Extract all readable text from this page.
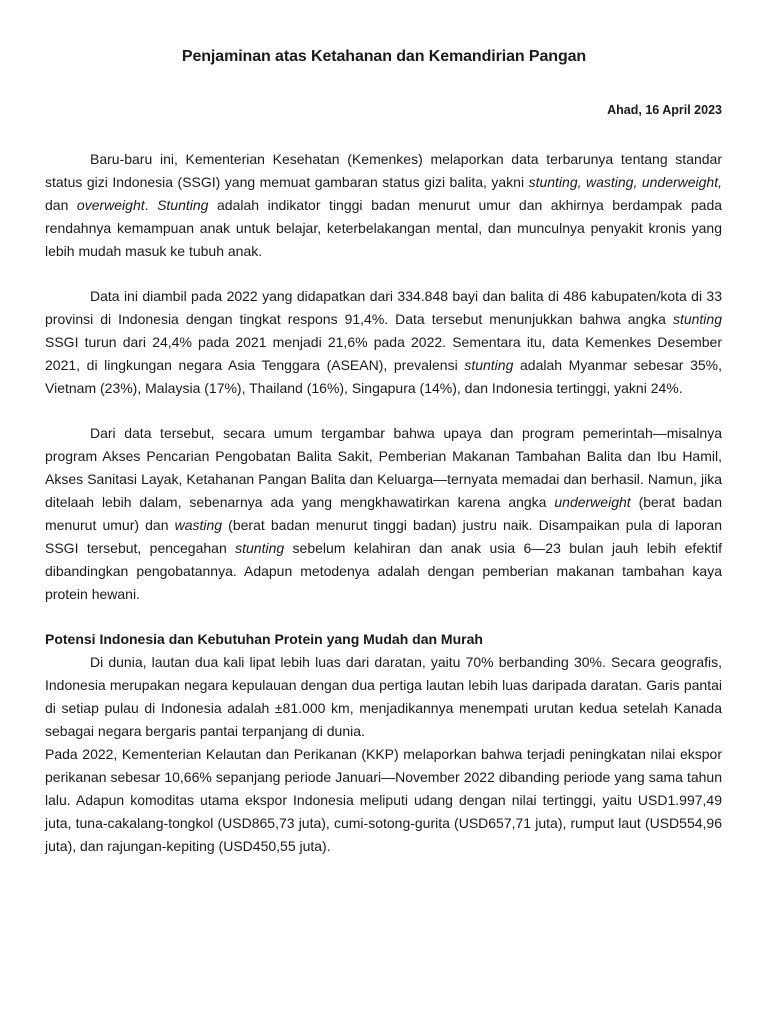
Penjaminan atas Ketahanan dan Kemandirian Pangan
Ahad, 16 April 2023

Baru-baru ini, Kementerian Kesehatan (Kemenkes) melaporkan data terbarunya tentang standar status gizi Indonesia (SSGI) yang memuat gambaran status gizi balita, yakni stunting, wasting, underweight, dan overweight. Stunting adalah indikator tinggi badan menurut umur dan akhirnya berdampak pada rendahnya kemampuan anak untuk belajar, keterbelakangan mental, dan munculnya penyakit kronis yang lebih mudah masuk ke tubuh anak.

Data ini diambil pada 2022 yang didapatkan dari 334.848 bayi dan balita di 486 kabupaten/kota di 33 provinsi di Indonesia dengan tingkat respons 91,4%. Data tersebut menunjukkan bahwa angka stunting SSGI turun dari 24,4% pada 2021 menjadi 21,6% pada 2022. Sementara itu, data Kemenkes Desember 2021, di lingkungan negara Asia Tenggara (ASEAN), prevalensi stunting adalah Myanmar sebesar 35%, Vietnam (23%), Malaysia (17%), Thailand (16%), Singapura (14%), dan Indonesia tertinggi, yakni 24%.

Dari data tersebut, secara umum tergambar bahwa upaya dan program pemerintah—misalnya program Akses Pencarian Pengobatan Balita Sakit, Pemberian Makanan Tambahan Balita dan Ibu Hamil, Akses Sanitasi Layak, Ketahanan Pangan Balita dan Keluarga—ternyata memadai dan berhasil. Namun, jika ditelaah lebih dalam, sebenarnya ada yang mengkhawatirkan karena angka underweight (berat badan menurut umur) dan wasting (berat badan menurut tinggi badan) justru naik. Disampaikan pula di laporan SSGI tersebut, pencegahan stunting sebelum kelahiran dan anak usia 6—23 bulan jauh lebih efektif dibandingkan pengobatannya. Adapun metodenya adalah dengan pemberian makanan tambahan kaya protein hewani.

Potensi Indonesia dan Kebutuhan Protein yang Mudah dan Murah

Di dunia, lautan dua kali lipat lebih luas dari daratan, yaitu 70% berbanding 30%. Secara geografis, Indonesia merupakan negara kepulauan dengan dua pertiga lautan lebih luas daripada daratan. Garis pantai di setiap pulau di Indonesia adalah ±81.000 km, menjadikannya menempati urutan kedua setelah Kanada sebagai negara bergaris pantai terpanjang di dunia.

Pada 2022, Kementerian Kelautan dan Perikanan (KKP) melaporkan bahwa terjadi peningkatan nilai ekspor perikanan sebesar 10,66% sepanjang periode Januari—November 2022 dibanding periode yang sama tahun lalu. Adapun komoditas utama ekspor Indonesia meliputi udang dengan nilai tertinggi, yaitu USD1.997,49 juta, tuna-cakalang-tongkol (USD865,73 juta), cumi-sotong-gurita (USD657,71 juta), rumput laut (USD554,96 juta), dan rajungan-kepiting (USD450,55 juta).
